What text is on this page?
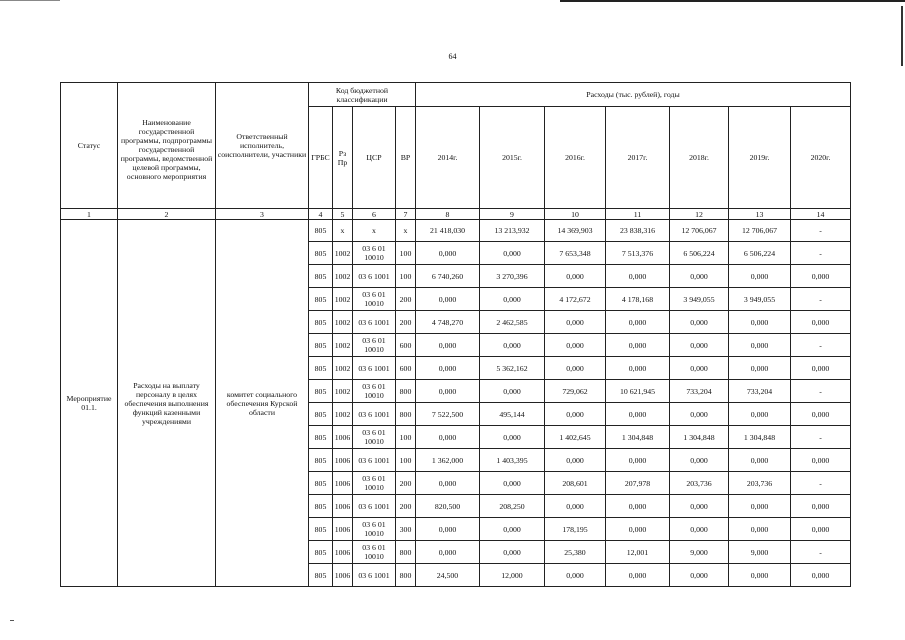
64
Статус	Наименование государственной программы, подпрограммы государственной программы, ведомственной целевой программы, основного мероприятия	Ответственный исполнитель, соисполнители, участники	Код бюджетной классификации				Расходы (тыс. рублей), годы						
			ГРБС	Рз Пр	ЦСР	ВР	2014г.	2015г.	2016г.	2017г.	2018г.	2019г.	2020г.
1	2	3	4	5	6	7	8	9	10	11	12	13	14
Мероприятие 01.1.	Расходы на выплату персоналу в целях обеспечения выполнения функций казенными учреждениями	комитет социального обеспечения Курской области	805	х	х	х	21 418,030	13 213,932	14 369,903	23 838,316	12 706,067	12 706,067	-
			805	1002	03 6 01 10010	100	0,000	0,000	7 653,348	7 513,376	6 506,224	6 506,224	-
			805	1002	03 6 1001	100	6 740,260	3 270,396	0,000	0,000	0,000	0,000	0,000
			805	1002	03 6 01 10010	200	0,000	0,000	4 172,672	4 178,168	3 949,055	3 949,055	-
			805	1002	03 6 1001	200	4 748,270	2 462,585	0,000	0,000	0,000	0,000	0,000
			805	1002	03 6 01 10010	600	0,000	0,000	0,000	0,000	0,000	0,000	-
			805	1002	03 6 1001	600	0,000	5 362,162	0,000	0,000	0,000	0,000	0,000
			805	1002	03 6 01 10010	800	0,000	0,000	729,062	10 621,945	733,204	733,204	-
			805	1002	03 6 1001	800	7 522,500	495,144	0,000	0,000	0,000	0,000	0,000
			805	1006	03 6 01 10010	100	0,000	0,000	1 402,645	1 304,848	1 304,848	1 304,848	-
			805	1006	03 6 1001	100	1 362,000	1 403,395	0,000	0,000	0,000	0,000	0,000
			805	1006	03 6 01 10010	200	0,000	0,000	208,601	207,978	203,736	203,736	-
			805	1006	03 6 1001	200	820,500	208,250	0,000	0,000	0,000	0,000	0,000
			805	1006	03 6 01 10010	300	0,000	0,000	178,195	0,000	0,000	0,000	0,000
			805	1006	03 6 01 10010	800	0,000	0,000	25,380	12,001	9,000	9,000	-
			805	1006	03 6 1001	800	24,500	12,000	0,000	0,000	0,000	0,000	0,000
